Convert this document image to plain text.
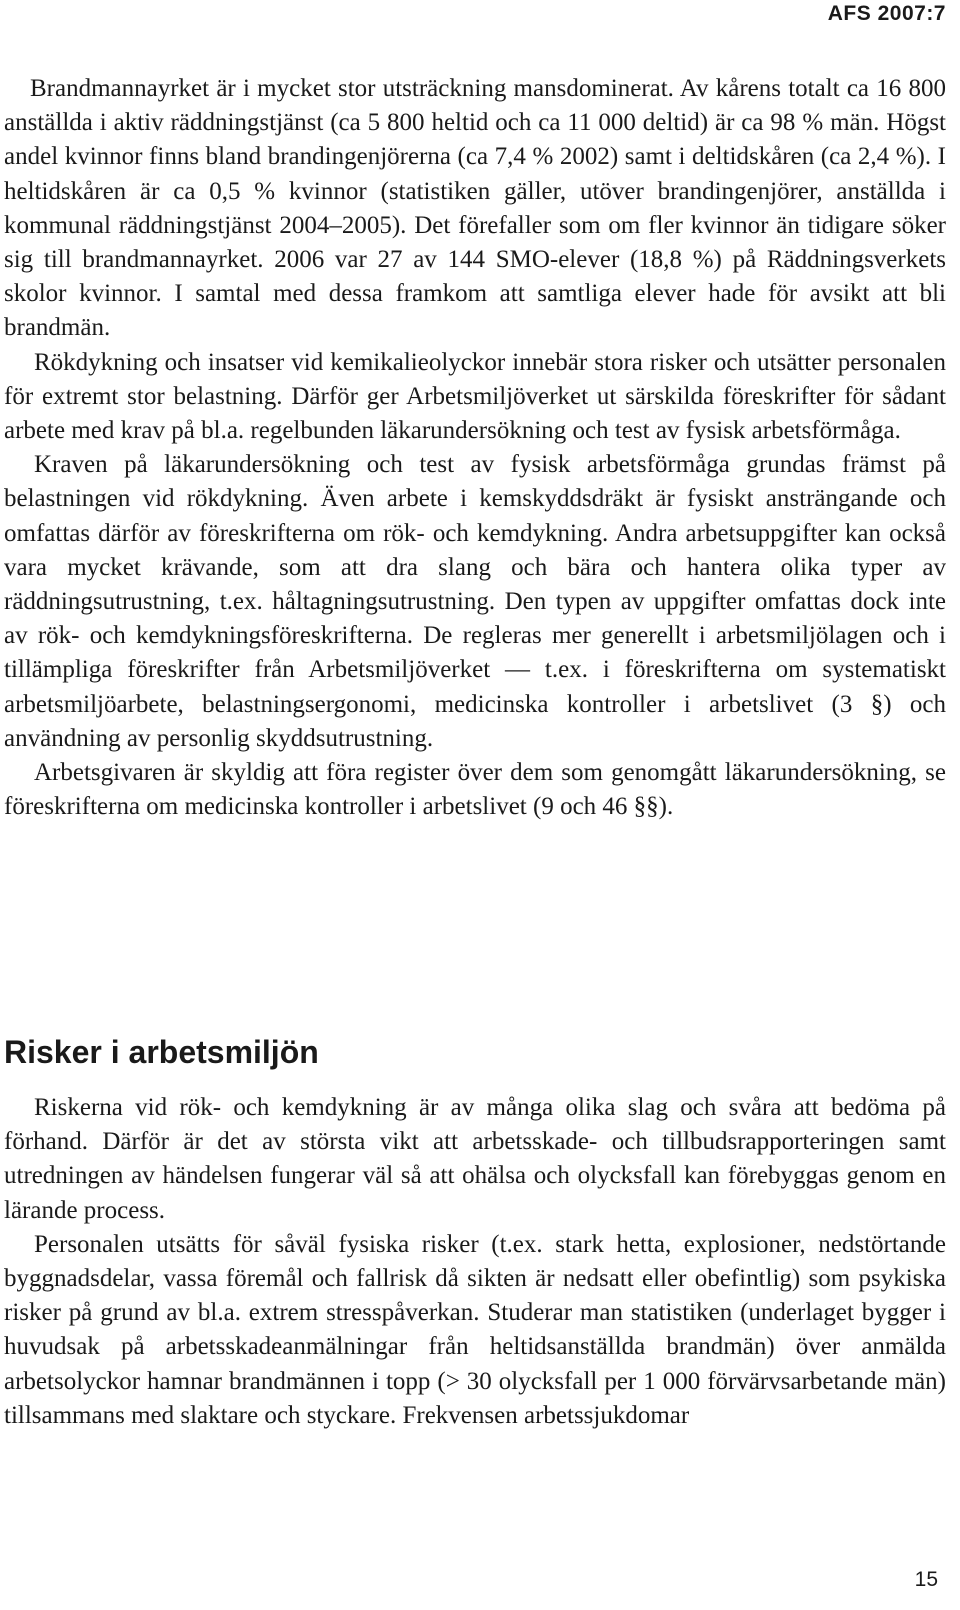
AFS 2007:7

Brandmannayrket är i mycket stor utsträckning mansdominerat. Av kårens totalt ca 16 800 anställda i aktiv räddningstjänst (ca 5 800 heltid och ca 11 000 deltid) är ca 98 % män. Högst andel kvinnor finns bland brandingenjörerna (ca 7,4 % 2002) samt i deltidskåren (ca 2,4 %). I heltidskåren är ca 0,5 % kvinnor (statistiken gäller, utöver brandingenjörer, anställda i kommunal räddningstjänst 2004–2005). Det förefaller som om fler kvinnor än tidigare söker sig till brandmannayrket. 2006 var 27 av 144 SMO-elever (18,8 %) på Räddningsverkets skolor kvinnor. I samtal med dessa framkom att samtliga elever hade för avsikt att bli brandmän.

Rökdykning och insatser vid kemikalieolyckor innebär stora risker och utsätter personalen för extremt stor belastning. Därför ger Arbetsmiljöverket ut särskilda föreskrifter för sådant arbete med krav på bl.a. regelbunden läkarundersökning och test av fysisk arbetsförmåga.

Kraven på läkarundersökning och test av fysisk arbetsförmåga grundas främst på belastningen vid rökdykning. Även arbete i kemskyddsdräkt är fysiskt ansträngande och omfattas därför av föreskrifterna om rök- och kemdykning. Andra arbetsuppgifter kan också vara mycket krävande, som att dra slang och bära och hantera olika typer av räddningsutrustning, t.ex. håltagningsutrustning. Den typen av uppgifter omfattas dock inte av rök- och kemdykningsföreskrifterna. De regleras mer generellt i arbetsmiljölagen och i tillämpliga föreskrifter från Arbetsmiljöverket — t.ex. i föreskrifterna om systematiskt arbetsmiljöarbete, belastningsergonomi, medicinska kontroller i arbetslivet (3 §) och användning av personlig skyddsutrustning.

Arbetsgivaren är skyldig att föra register över dem som genomgått läkarundersökning, se föreskrifterna om medicinska kontroller i arbetslivet (9 och 46 §§).

Risker i arbetsmiljön

Riskerna vid rök- och kemdykning är av många olika slag och svåra att bedöma på förhand. Därför är det av största vikt att arbetsskade- och tillbudsrapporteringen samt utredningen av händelsen fungerar väl så att ohälsa och olycksfall kan förebyggas genom en lärande process.

Personalen utsätts för såväl fysiska risker (t.ex. stark hetta, explosioner, nedstörtande byggnadsdelar, vassa föremål och fallrisk då sikten är nedsatt eller obefintlig) som psykiska risker på grund av bl.a. extrem stresspåverkan. Studerar man statistiken (underlaget bygger i huvudsak på arbetsskadeanmälningar från heltidsanställda brandmän) över anmälda arbetsolyckor hamnar brandmännen i topp (> 30 olycksfall per 1 000 förvärvsarbetande män) tillsammans med slaktare och styckare. Frekvensen arbetssjukdomar

15
